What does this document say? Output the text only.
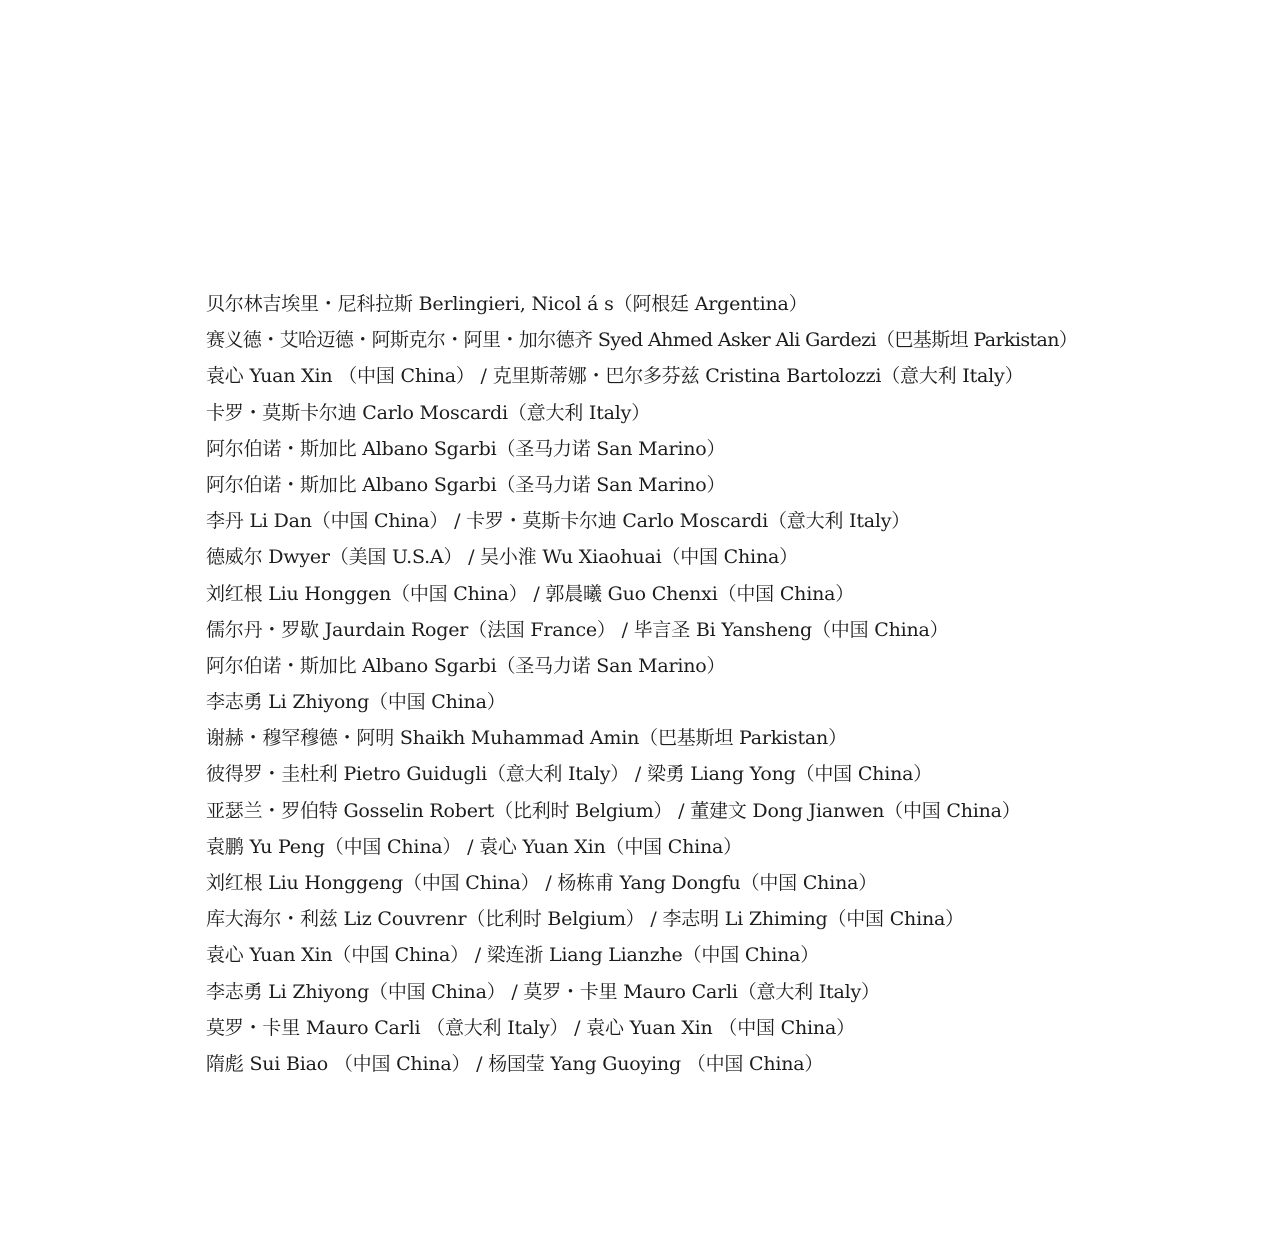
贝尔林吉埃里・尼科拉斯 Berlingieri, Nicol á s（阿根廷 Argentina）
赛义德・艾哈迈德・阿斯克尔・阿里・加尔德齐 Syed Ahmed Asker Ali Gardezi（巴基斯坦 Parkistan）
袁心 Yuan Xin （中国 China） / 克里斯蒂娜・巴尔多芬兹 Cristina Bartolozzi（意大利 Italy）
卡罗・莫斯卡尔迪 Carlo Moscardi（意大利 Italy）
阿尔伯诺・斯加比 Albano Sgarbi（圣马力诺 San Marino）
阿尔伯诺・斯加比 Albano Sgarbi（圣马力诺 San Marino）
李丹 Li Dan（中国 China） / 卡罗・莫斯卡尔迪 Carlo Moscardi（意大利 Italy）
德威尔 Dwyer（美国 U.S.A） / 吴小淮 Wu Xiaohuai（中国 China）
刘红根 Liu Honggen（中国 China） / 郭晨曦 Guo Chenxi（中国 China）
儒尔丹・罗歇 Jaurdain Roger（法国 France） / 毕言圣 Bi Yansheng（中国 China）
阿尔伯诺・斯加比 Albano Sgarbi（圣马力诺 San Marino）
李志勇 Li Zhiyong（中国 China）
谢赫・穆罕穆德・阿明 Shaikh Muhammad Amin（巴基斯坦 Parkistan）
彼得罗・圭杜利 Pietro Guidugli（意大利 Italy） / 梁勇 Liang Yong（中国 China）
亚瑟兰・罗伯特 Gosselin Robert（比利时 Belgium） / 董建文 Dong Jianwen（中国 China）
袁鹏 Yu Peng（中国 China） / 袁心 Yuan Xin（中国 China）
刘红根 Liu Honggeng（中国 China） / 杨栋甫 Yang Dongfu（中国 China）
库大海尔・利兹 Liz Couvrenr（比利时 Belgium） / 李志明 Li Zhiming（中国 China）
袁心 Yuan Xin（中国 China） / 梁连浙 Liang Lianzhe（中国 China）
李志勇 Li Zhiyong（中国 China） / 莫罗・卡里 Mauro Carli（意大利 Italy）
莫罗・卡里 Mauro Carli （意大利 Italy） / 袁心 Yuan Xin （中国 China）
隋彪 Sui Biao （中国 China） / 杨国莹 Yang Guoying （中国 China）
